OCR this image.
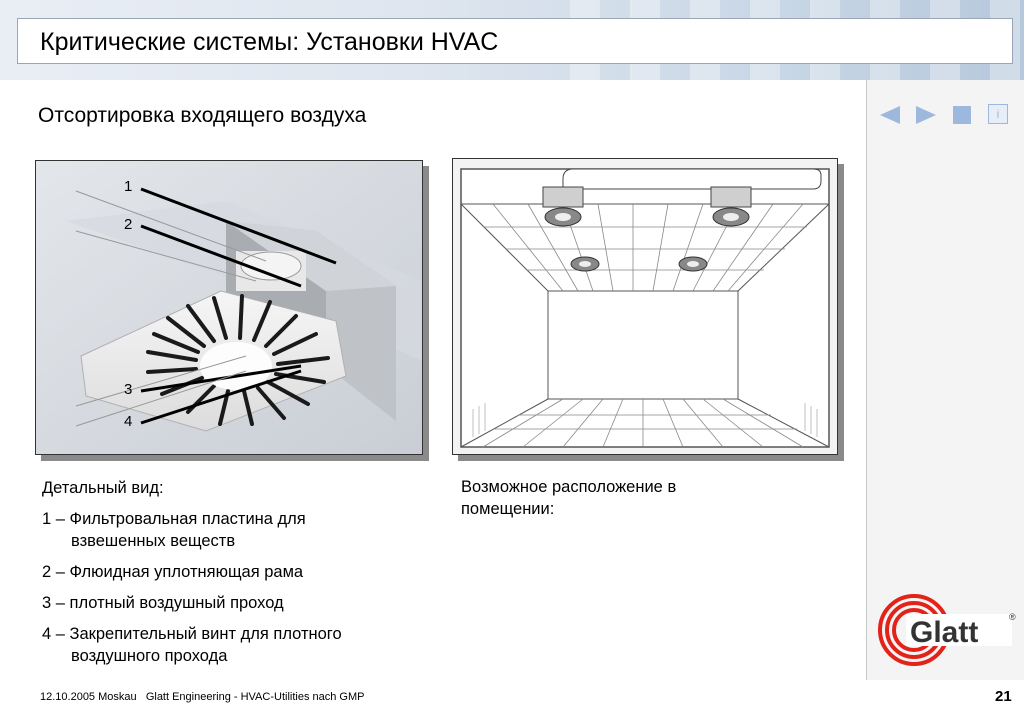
Критические системы: Установки HVAC
Отсортировка входящего воздуха	i
1
2
3
4
Детальный вид:
1 – Фильтровальная пластина для
взвешенных веществ
2 – Флюидная уплотняющая рама
3 – плотный воздушный проход
4 – Закрепительный винт для плотного
воздушного прохода
Возможное расположение в
помещении:
Glatt	®
12.10.2005 Moskau Glatt Engineering - HVAC-Utilities nach GMP	21
